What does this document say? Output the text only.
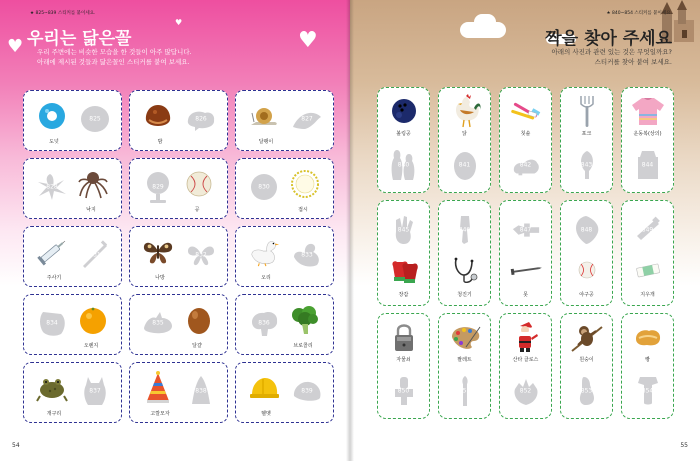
★ 825~839 스티커를 붙이세요.
우리는 닮은꼴
♥	♥
♥
우리 주변에는 비슷한 모습을 한 것들이 아주 많답니다.
아래에 제시된 것들과 닮은꼴인 스티커를 붙여 보세요.
도넛
825
밤
826
달팽이
827
낙지
828
공
829
접시
830
주사기
831
나방
832
오리
833
오렌지
834
달걀
835
브로콜리
836
개구리
837
고깔모자
838
헬멧
839
54
★ 840~854 스티커를 붙이세요.
짝을 찾아 주세요
아래의 사진과 관련 있는 것은 무엇일까요?
스티커를 찾아 붙여 보세요.
55
볼링공
840
닭
841
칫솔
842
포크
843
운동복(상의)
844
845
장갑
846
청진기
847
못
848
야구공
849
지우개
자물쇠
850
팔레트
851
산타 클로스
852
원숭이
853
빵
854
